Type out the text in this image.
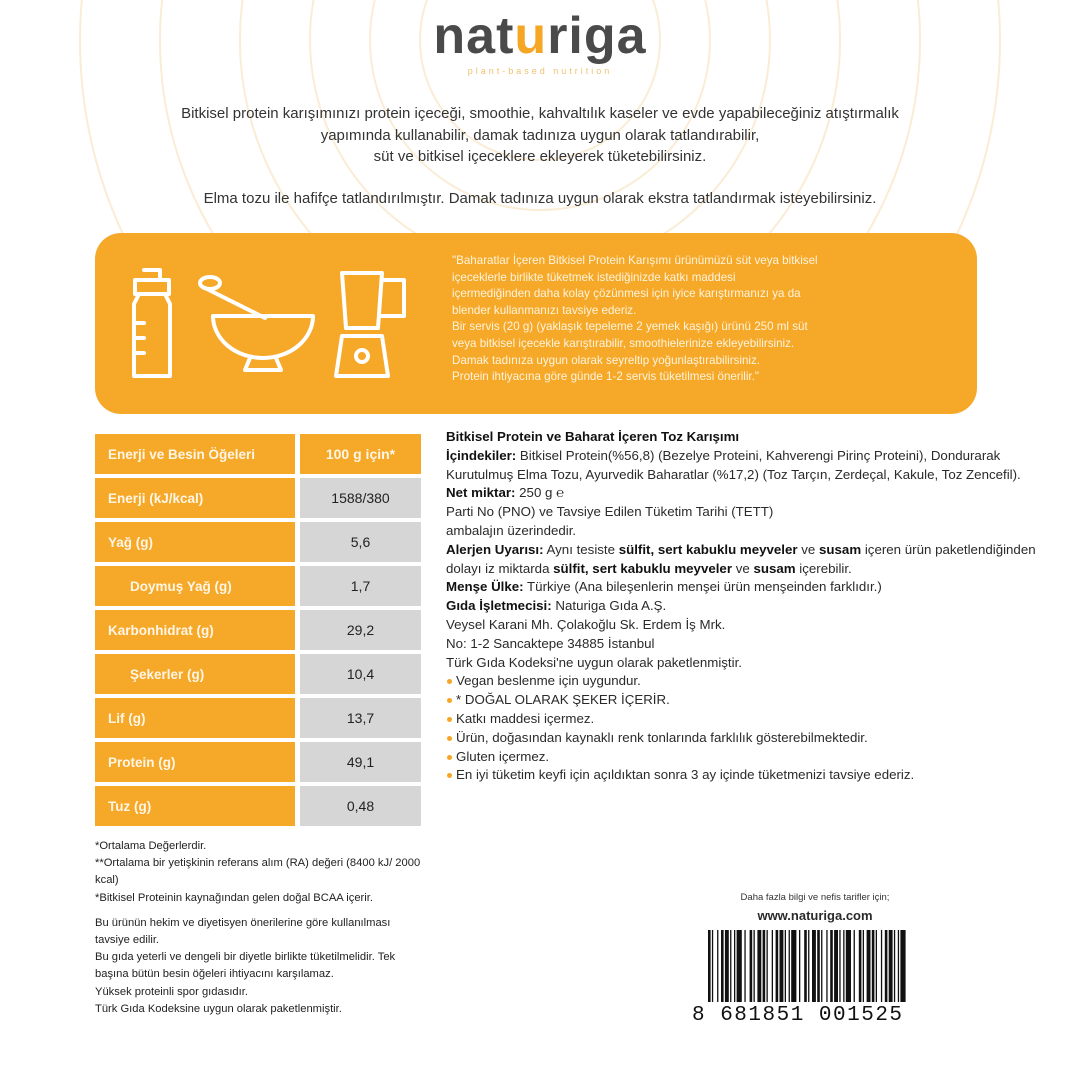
naturiga
plant-based nutrition
Bitkisel protein karışımınızı protein içeceği, smoothie, kahvaltılık kaseler ve evde yapabileceğiniz atıştırmalık
yapımında kullanabilir, damak tadınıza uygun olarak tatlandırabilir,
süt ve bitkisel içeceklere ekleyerek tüketebilirsiniz.
Elma tozu ile hafifçe tatlandırılmıştır. Damak tadınıza uygun olarak ekstra tatlandırmak isteyebilirsiniz.
"Baharatlar İçeren Bitkisel Protein Karışımı ürünümüzü süt veya bitkisel
içeceklerle birlikte tüketmek istediğinizde katkı maddesi
içermediğinden daha kolay çözünmesi için iyice karıştırmanızı ya da
blender kullanmanızı tavsiye ederiz.
Bir servis (20 g) (yaklaşık tepeleme 2 yemek kaşığı) ürünü 250 ml süt
veya bitkisel içecekle karıştırabilir, smoothielerinize ekleyebilirsiniz.
Damak tadınıza uygun olarak seyreltip yoğunlaştırabilirsiniz.
Protein ihtiyacına göre günde 1-2 servis tüketilmesi önerilir."
Enerji ve Besin Öğeleri	100 g için*
Enerji (kJ/kcal)	1588/380
Yağ (g)	5,6
Doymuş Yağ (g)	1,7
Karbonhidrat (g)	29,2
Şekerler (g)	10,4
Lif (g)	13,7
Protein (g)	49,1
Tuz (g)	0,48
Bitkisel Protein ve Baharat İçeren Toz Karışımı
İçindekiler: Bitkisel Protein(%56,8) (Bezelye Proteini, Kahverengi Pirinç Proteini), Dondurarak Kurutulmuş Elma Tozu, Ayurvedik Baharatlar (%17,2) (Toz Tarçın, Zerdeçal, Kakule, Toz Zencefil).
Net miktar: 250 g ℮
Parti No (PNO) ve Tavsiye Edilen Tüketim Tarihi (TETT) ambalajın üzerindedir.
Alerjen Uyarısı: Aynı tesiste sülfit, sert kabuklu meyveler ve susam içeren ürün paketlendiğinden dolayı iz miktarda sülfit, sert kabuklu meyveler ve susam içerebilir.
Menşe Ülke: Türkiye (Ana bileşenlerin menşei ürün menşeinden farklıdır.)
Gıda İşletmecisi: Naturiga Gıda A.Ş.
Veysel Karani Mh. Çolakoğlu Sk. Erdem İş Mrk.
No: 1-2 Sancaktepe 34885 İstanbul
Türk Gıda Kodeksi'ne uygun olarak paketlenmiştir.
Vegan beslenme için uygundur.
* DOĞAL OLARAK ŞEKER İÇERİR.
Katkı maddesi içermez.
Ürün, doğasından kaynaklı renk tonlarında farklılık gösterebilmektedir.
Gluten içermez.
En iyi tüketim keyfi için açıldıktan sonra 3 ay içinde tüketmenizi tavsiye ederiz.
*Ortalama Değerlerdir.
**Ortalama bir yetişkinin referans alım (RA) değeri (8400 kJ/ 2000 kcal)
*Bitkisel Proteinin kaynağından gelen doğal BCAA içerir.
Bu ürünün hekim ve diyetisyen önerilerine göre kullanılması tavsiye edilir.
Bu gıda yeterli ve dengeli bir diyetle birlikte tüketilmelidir. Tek başına bütün besin öğeleri ihtiyacını karşılamaz.
Yüksek proteinli spor gıdasıdır.
Türk Gıda Kodeksine uygun olarak paketlenmiştir.
Daha fazla bilgi ve nefis tarifler için;
www.naturiga.com
8 681851 001525
